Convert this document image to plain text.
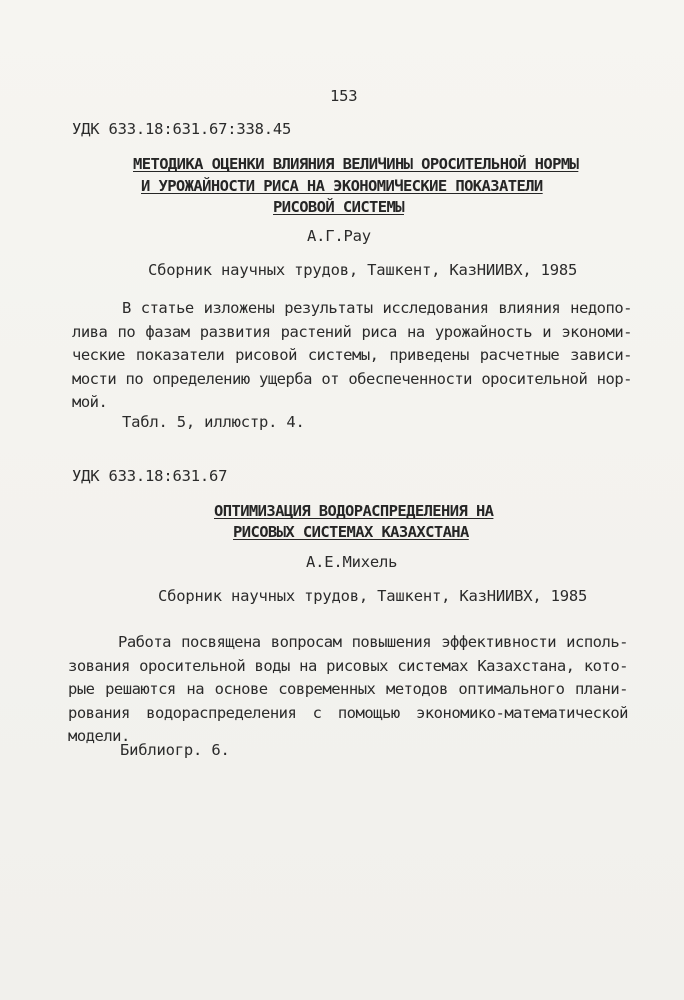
153
УДК 633.18:631.67:338.45
МЕТОДИКА ОЦЕНКИ ВЛИЯНИЯ ВЕЛИЧИНЫ ОРОСИТЕЛЬНОЙ НОРМЫ
И УРОЖАЙНОСТИ РИСА НА ЭКОНОМИЧЕСКИЕ ПОКАЗАТЕЛИ
РИСОВОЙ СИСТЕМЫ
А.Г.Рау
Сборник научных трудов, Ташкент, КазНИИВХ, 1985

В статье изложены результаты исследования влияния недопо-лива по фазам развития растений риса на урожайность и экономи-ческие показатели рисовой системы, приведены расчетные зависи-мости по определению ущерба от обеспеченности оросительной нор-мой.

Табл. 5, иллюстр. 4.
УДК 633.18:631.67
ОПТИМИЗАЦИЯ ВОДОРАСПРЕДЕЛЕНИЯ НА
РИСОВЫХ СИСТЕМАХ КАЗАХСТАНА
А.Е.Михель
Сборник научных трудов, Ташкент, КазНИИВХ, 1985

Работа посвящена вопросам повышения эффективности исполь-зования оросительной воды на рисовых системах Казахстана, кото-рые решаются на основе современных методов оптимального плани-рования водораспределения с помощью экономико-математической модели.

Библиогр. 6.
